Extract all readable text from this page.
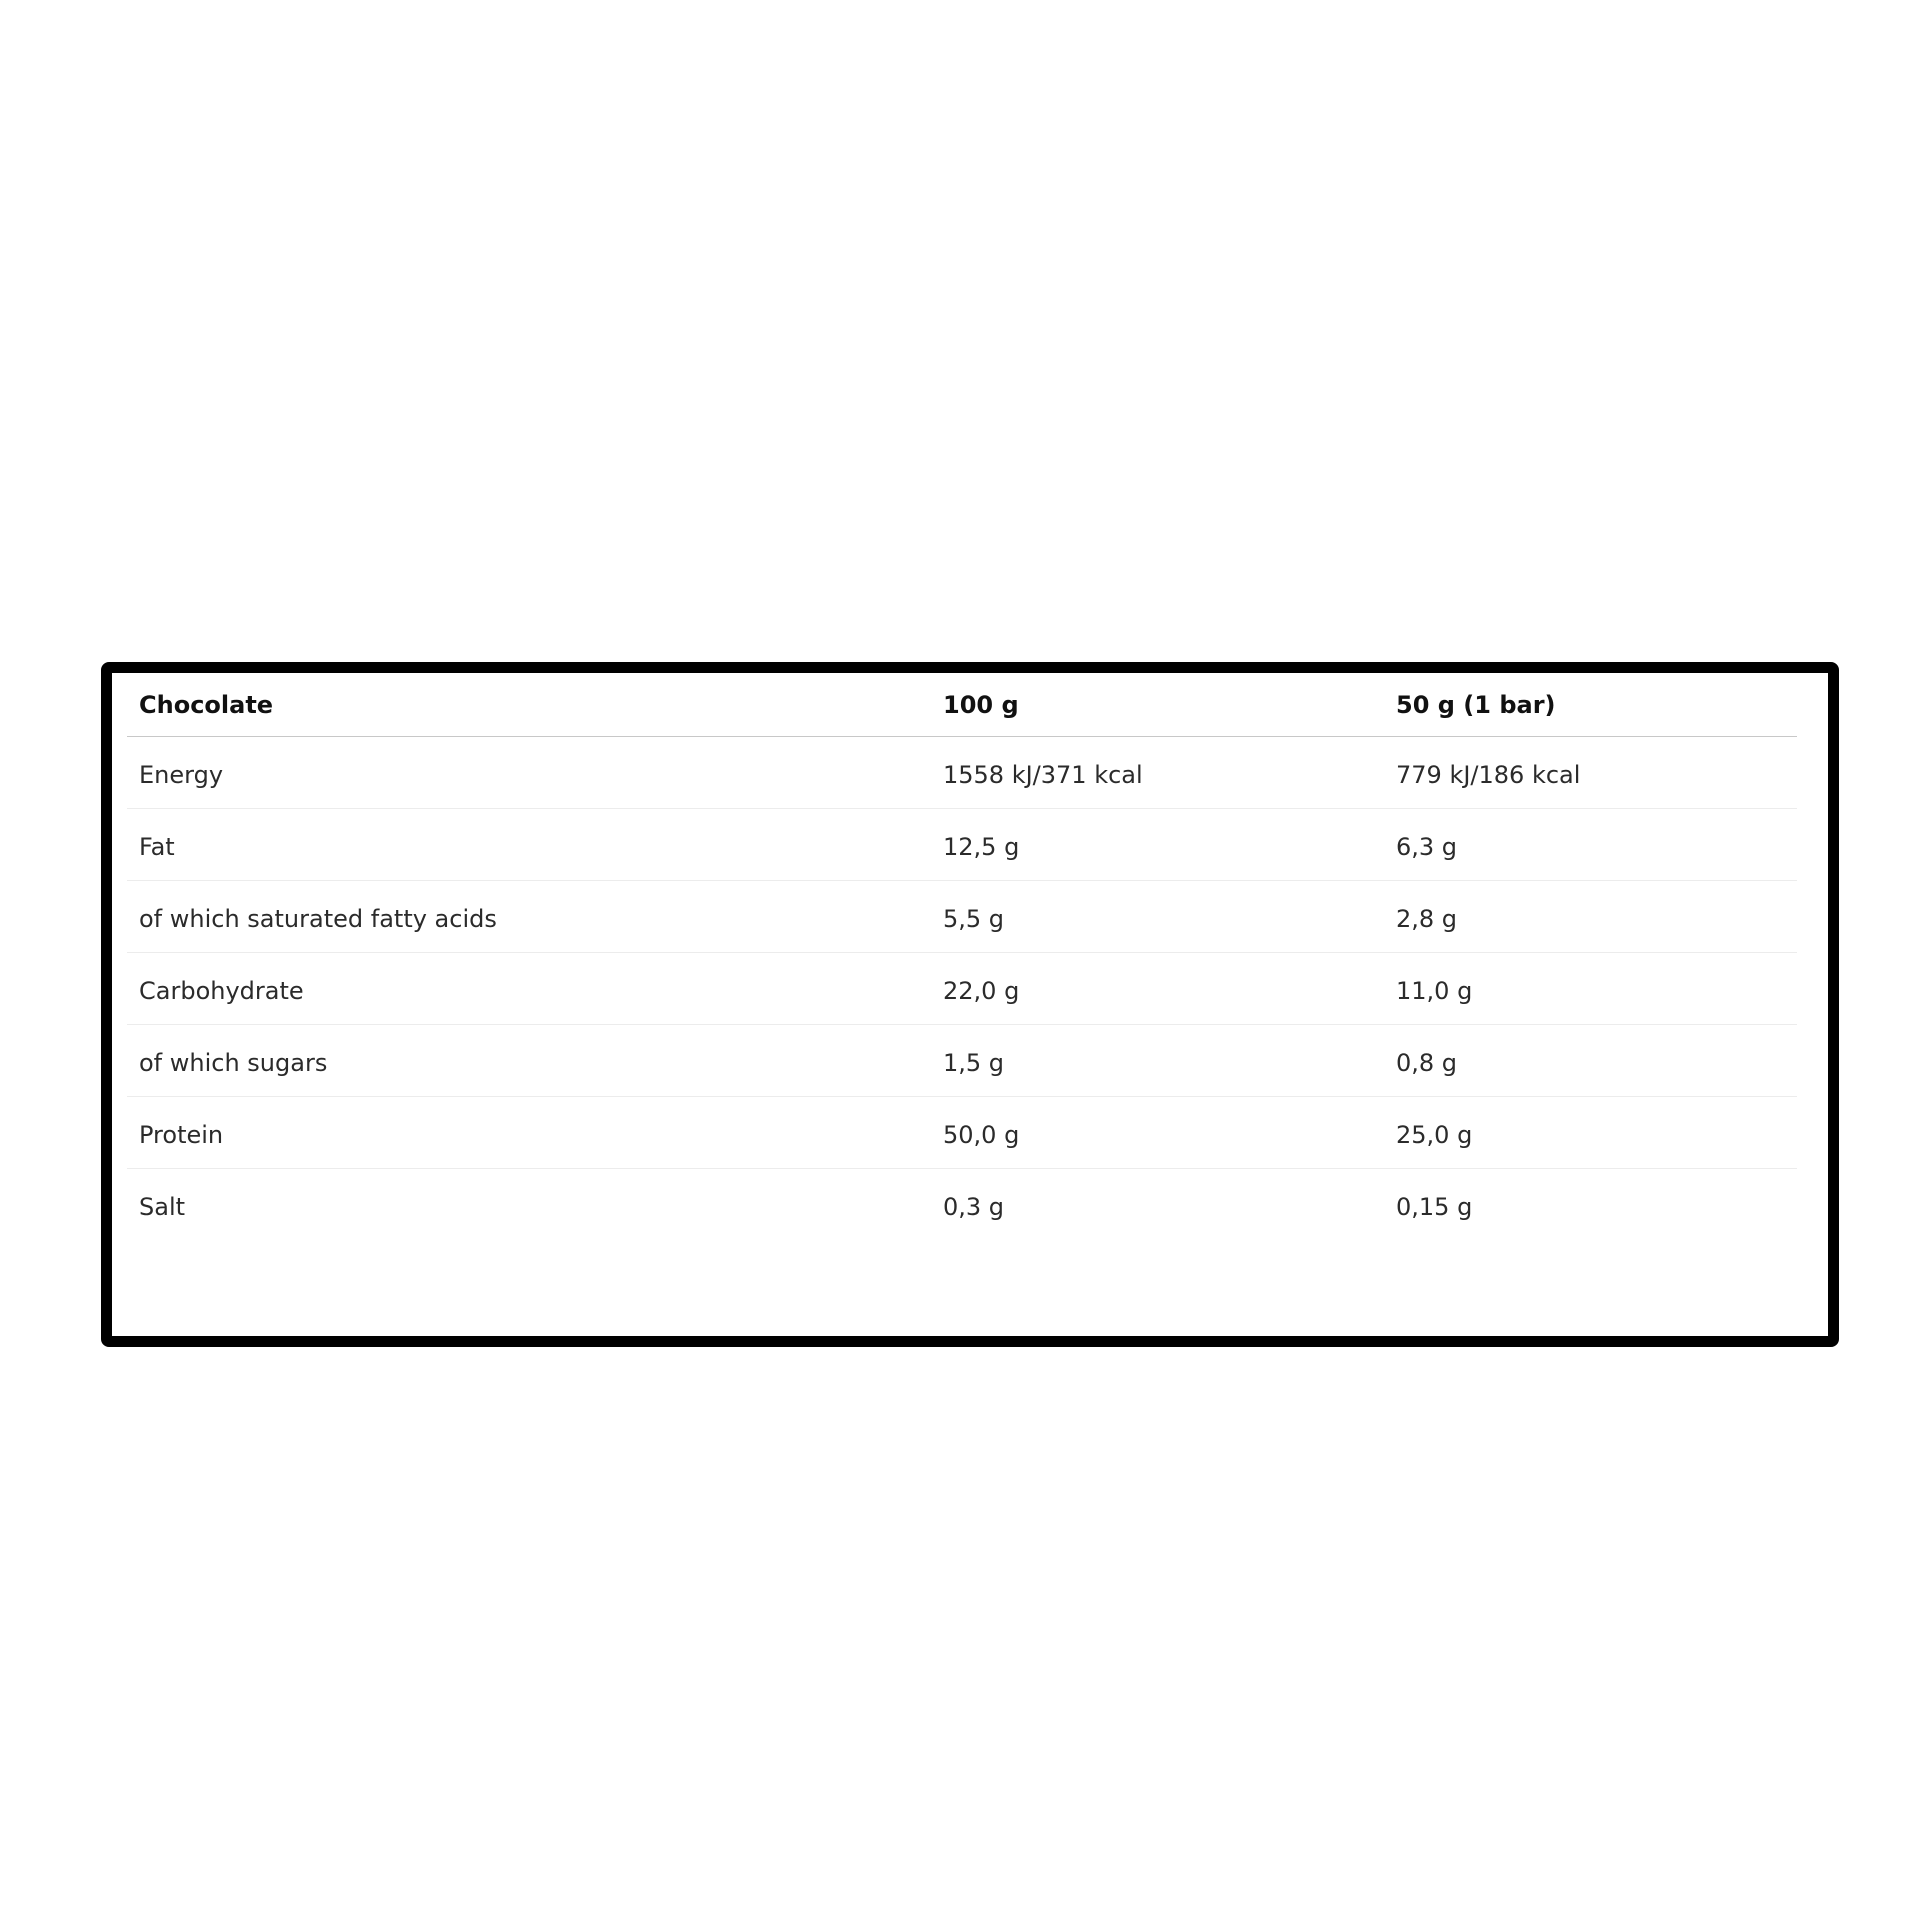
Chocolate	100 g	50 g (1 bar)
Energy	1558 kJ/371 kcal	779 kJ/186 kcal
Fat	12,5 g	6,3 g
of which saturated fatty acids	5,5 g	2,8 g
Carbohydrate	22,0 g	11,0 g
of which sugars	1,5 g	0,8 g
Protein	50,0 g	25,0 g
Salt	0,3 g	0,15 g
